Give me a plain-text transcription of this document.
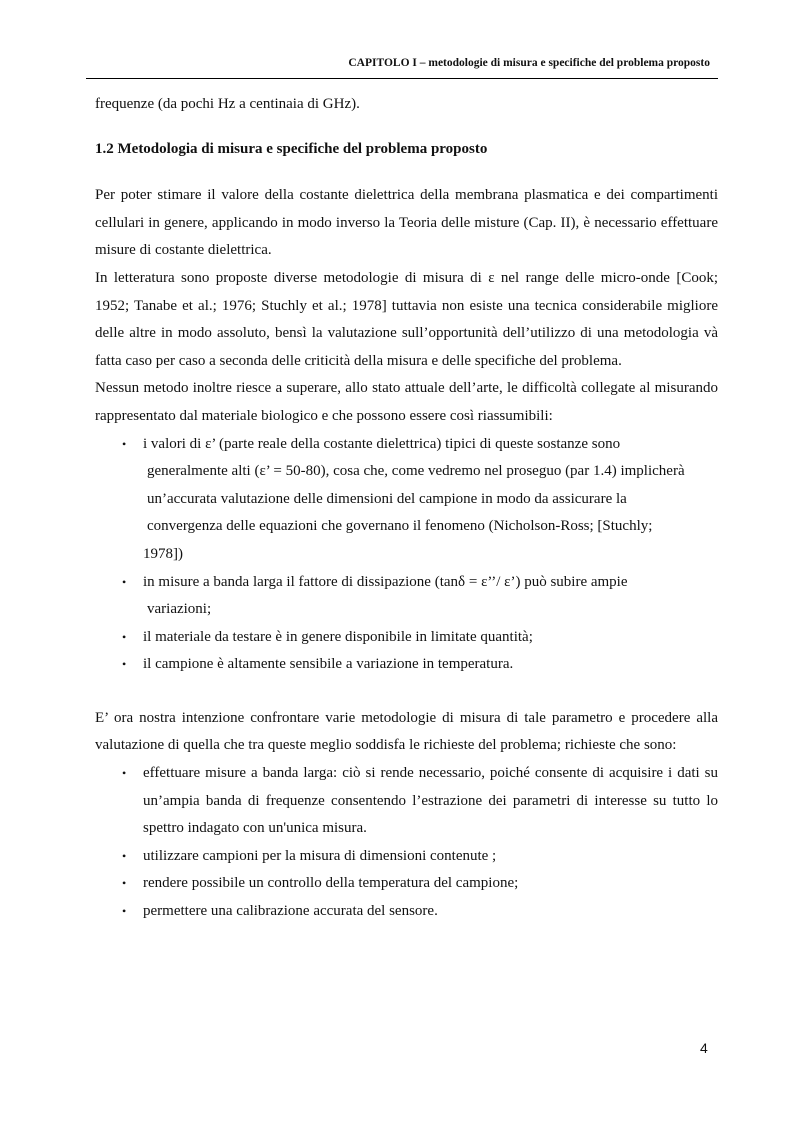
CAPITOLO I – metodologie di misura e specifiche del problema proposto

frequenze (da pochi Hz a centinaia di GHz).

1.2 Metodologia di misura e specifiche del problema proposto

Per poter stimare il valore della costante dielettrica della membrana plasmatica e dei compartimenti cellulari in genere, applicando in modo inverso la Teoria delle misture (Cap. II), è necessario effettuare misure di costante dielettrica.

In letteratura sono proposte diverse metodologie di misura di ε nel range delle micro-onde [Cook; 1952; Tanabe et al.; 1976; Stuchly et al.; 1978] tuttavia non esiste una tecnica considerabile migliore delle altre in modo assoluto, bensì la valutazione sull’opportunità dell’utilizzo di una metodologia và fatta caso per caso a seconda delle criticità della misura e delle specifiche del problema.

Nessun metodo inoltre riesce a superare, allo stato attuale dell’arte, le difficoltà collegate al misurando rappresentato dal materiale biologico e che possono essere così riassumibili:

• i valori di ε’ (parte reale della costante dielettrica) tipici di queste sostanze sono
generalmente alti (ε’ = 50-80), cosa che, come vedremo nel proseguo (par 1.4) implicherà
un’accurata valutazione delle dimensioni del campione in modo da assicurare la
convergenza delle equazioni che governano il fenomeno (Nicholson-Ross; [Stuchly;
1978])
• in misure a banda larga il fattore di dissipazione (tanδ = ε’’/ ε’) può subire ampie
variazioni;
• il materiale da testare è in genere disponibile in limitate quantità;
• il campione è altamente sensibile a variazione in temperatura.

E’ ora nostra intenzione confrontare varie metodologie di misura di tale parametro e procedere alla valutazione di quella che tra queste meglio soddisfa le richieste del problema; richieste che sono:

• effettuare misure a banda larga: ciò si rende necessario, poiché consente di acquisire i dati su un’ampia banda di frequenze consentendo l’estrazione dei parametri di interesse su tutto lo spettro indagato con un'unica misura.
• utilizzare campioni per la misura di dimensioni contenute ;
• rendere possibile un controllo della temperatura del campione;
• permettere una calibrazione accurata del sensore.
4
